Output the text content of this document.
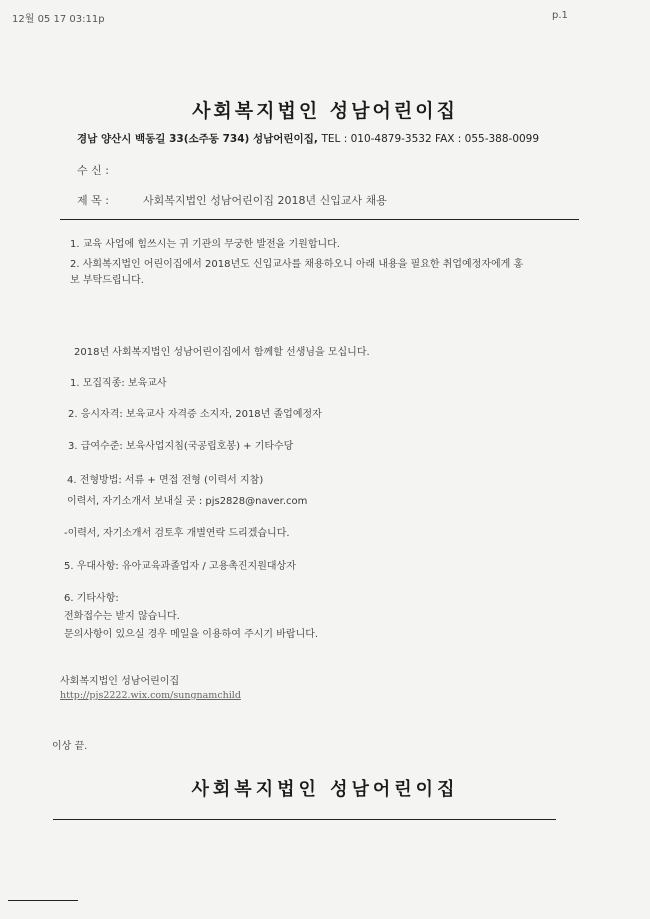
12월 05 17 03:11p	p.1
사회복지법인 성남어린이집
경남 양산시 백동길 33(소주동 734) 성남어린이집, TEL : 010-4879-3532 FAX : 055-388-0099
수 신 :
제 목 :	사회복지법인 성남어린이집 2018년 신입교사 채용
1. 교육 사업에 힘쓰시는 귀 기관의 무궁한 발전을 기원합니다.
2. 사회복지법인 어린이집에서 2018년도 신입교사를 채용하오니 아래 내용을 필요한 취업예정자에게 홍
보 부탁드립니다.
2018년 사회복지법인 성남어린이집에서 함께할 선생님을 모십니다.
1. 모집직종: 보육교사
2. 응시자격: 보육교사 자격증 소지자, 2018년 졸업예정자
3. 급여수준: 보육사업지침(국공립호봉) + 기타수당
4. 전형방법: 서류 + 면접 전형 (이력서 지참)
이력서, 자기소개서 보내실 곳 : pjs2828@naver.com
-이력서, 자기소개서 검토후 개별연락 드리겠습니다.
5. 우대사항: 유아교육과졸업자 / 고용촉진지원대상자
6. 기타사항:
전화접수는 받지 않습니다.
문의사항이 있으실 경우 메일을 이용하여 주시기 바랍니다.
사회복지법인 성남어린이집
http://pjs2222.wix.com/sungnamchild
이상 끝.
사회복지법인 성남어린이집
